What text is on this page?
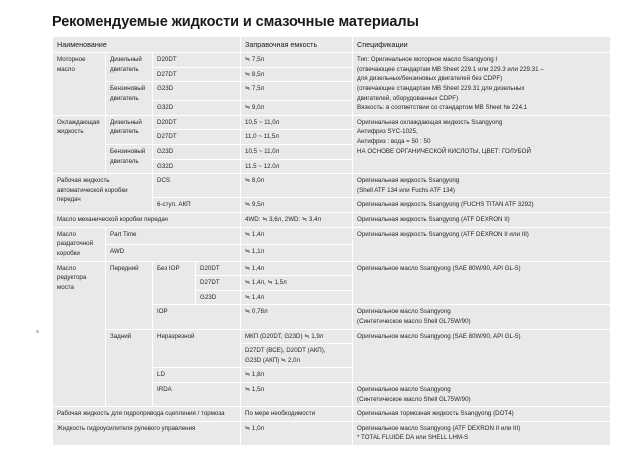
Рекомендуемые жидкости и смазочные материалы
Наименование				Заправочная емкость	Спецификации
Моторное масло	Дизельный двигатель	D20DT	≒ 7,5л	Тип: Оригинальное моторное масло Ssangyong I
(отвечающее стандартам MB Sheet 229.1 или 229.3 или 229.31 –
для дизельных/бензиновых двигателей без CDPF)
(отвечающее стандартам MB Sheet 229.31 для дизельных
двигателей, оборудованных CDPF)
Вязкость: в соответствии со стандартом MB Sheet № 224.1

		D27DT		≒ 8,5л	
	Бензиновый двигатель	G23D		≒ 7,5л	
		G32D		≒ 9,0л	
Охлаждающая жидкость	Дизельный двигатель	D20DT		10,5 ~ 11,0л	Оригинальная охлаждающая жидкость Ssangyong
Антифриз SYC-1025,
Антифриз : вода = 50 : 50
НА ОСНОВЕ ОРГАНИЧЕСКОЙ КИСЛОТЫ, ЦВЕТ: ГОЛУБОЙ

		D27DT		11,0 ~ 11,5л	
	Бензиновый двигатель	G23D		10,5 ~ 11,0л	
		G32D		11.5 ~ 12.0л	
Рабочая жидкость автоматической коробки передач		DCS		≒ 8,0л	Оригинальная жидкость Ssangyong
(Shell ATF 134 или Fuchs ATF 134)

		6-ступ. АКП		≒ 9,5л	Оригинальная жидкость Ssangyong (FUCHS TITAN ATF 3292)

Масло механической коробки передач				4WD: ≒ 3,6л, 2WD: ≒ 3,4л	Оригинальная жидкость Ssangyong (ATF DEXRON II)

Масло раздаточной коробки	Part Time			≒ 1,4л	Оригинальная жидкость Ssangyong (ATF DEXRON II или III)

	AWD			≒ 1,1л	
Масло редуктора моста	Передний	Без IOP	D20DT	≒ 1,4л	Оригинальное масло Ssangyong (SAE 80W/90, API GL-5)

			D27DT	≒ 1,4л, ≒ 1,5л	
			G23D	≒ 1,4л	
		IOP		≒ 0,78л	Оригинальное масло Ssangyong
(Синтетическое масло Shell GL75W/90)

	Задний	Неразрезной		МКП (D20DT, G23D) ≒ 1,9л	Оригинальное масло Ssangyong (SAE 80W/90, API GL-5)

				D27DT (ВСЕ), D20DT (АКП),
G23D (АКП) ≒ 2,0л	

		LD		≒ 1,8л	
		IRDA		≒ 1,5л	Оригинальное масло Ssangyong
(Синтетическое масло Shell GL75W/90)

Рабочая жидкость для гидропривода сцепления / тормоза				По мере необходимости	Оригинальная тормозная жидкость Ssangyong (DOT4)

Жидкость гидроусилителя рулевого управления				≒ 1,0л	Оригинальное масло Ssangyong (ATF DEXRON II или III)
* TOTAL FLUIDE DA или SHELL LHM-S
